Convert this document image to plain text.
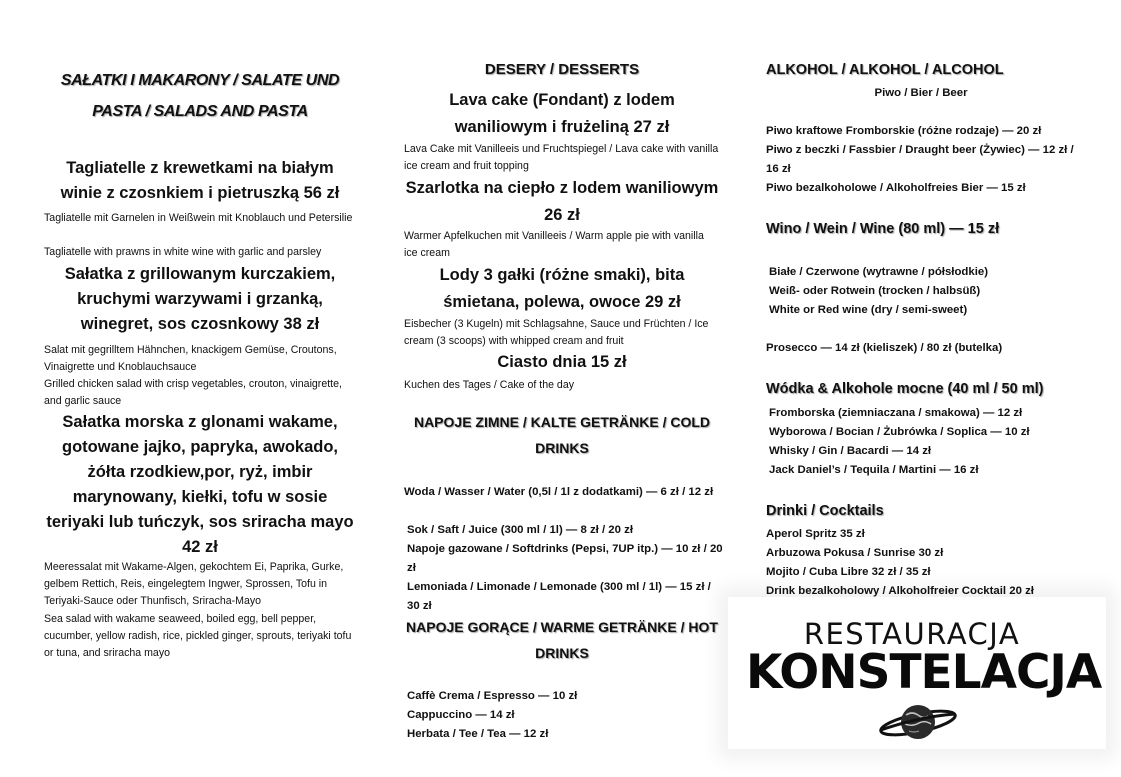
SAŁATKI I MAKARONY / SALATE UND PASTA / SALADS AND PASTA
Tagliatelle z krewetkami na białym winie z czosnkiem i pietruszką 56 zł
Tagliatelle mit Garnelen in Weißwein mit Knoblauch und Petersilie
Tagliatelle with prawns in white wine with garlic and parsley
Sałatka z grillowanym kurczakiem, kruchymi warzywami i grzanką, winegret, sos czosnkowy 38 zł
Salat mit gegrilltem Hähnchen, knackigem Gemüse, Croutons, Vinaigrette und Knoblauchsauce
Grilled chicken salad with crisp vegetables, crouton, vinaigrette, and garlic sauce
Sałatka morska z glonami wakame, gotowane jajko, papryka, awokado, żółta rzodkiew,por, ryż, imbir marynowany, kiełki, tofu w sosie teriyaki lub tuńczyk, sos sriracha mayo 42 zł
Meeressalat mit Wakame-Algen, gekochtem Ei, Paprika, Gurke, gelbem Rettich, Reis, eingelegtem Ingwer, Sprossen, Tofu in Teriyaki-Sauce oder Thunfisch, Sriracha-Mayo
Sea salad with wakame seaweed, boiled egg, bell pepper, cucumber, yellow radish, rice, pickled ginger, sprouts, teriyaki tofu or tuna, and sriracha mayo
DESERY / DESSERTS
Lava cake (Fondant) z lodem waniliowym i frużeliną 27 zł
Lava Cake mit Vanilleeis und Fruchtspiegel / Lava cake with vanilla ice cream and fruit topping
Szarlotka na ciepło z lodem waniliowym 26 zł
Warmer Apfelkuchen mit Vanilleeis / Warm apple pie with vanilla ice cream
Lody 3 gałki (różne smaki), bita śmietana, polewa, owoce 29 zł
Eisbecher (3 Kugeln) mit Schlagsahne, Sauce und Früchten / Ice cream (3 scoops) with whipped cream and fruit
Ciasto dnia 15 zł
Kuchen des Tages / Cake of the day
NAPOJE ZIMNE / KALTE GETRÄNKE / COLD DRINKS
Woda / Wasser / Water (0,5l / 1l z dodatkami) — 6 zł / 12 zł
Sok / Saft / Juice (300 ml / 1l) — 8 zł / 20 zł
Napoje gazowane / Softdrinks (Pepsi, 7UP itp.) — 10 zł / 20 zł
Lemoniada / Limonade / Lemonade (300 ml / 1l) — 15 zł / 30 zł
NAPOJE GORĄCE / WARME GETRÄNKE / HOT DRINKS
Caffè Crema / Espresso — 10 zł
Cappuccino — 14 zł
Herbata / Tee / Tea — 12 zł
ALKOHOL / ALKOHOL / ALCOHOL
Piwo / Bier / Beer
Piwo kraftowe Fromborskie (różne rodzaje) — 20 zł
Piwo z beczki / Fassbier / Draught beer (Żywiec) — 12 zł / 16 zł
Piwo bezalkoholowe / Alkoholfreies Bier — 15 zł
Wino / Wein / Wine (80 ml) — 15 zł
Białe / Czerwone (wytrawne / półsłodkie)
Weiß- oder Rotwein (trocken / halbsüß)
White or Red wine (dry / semi-sweet)
Prosecco — 14 zł (kieliszek) / 80 zł (butelka)
Wódka & Alkohole mocne (40 ml / 50 ml)
Fromborska (ziemniaczana / smakowa) — 12 zł
Wyborowa / Bocian / Żubrówka / Soplica — 10 zł
Whisky / Gin / Bacardi — 14 zł
Jack Daniel’s / Tequila / Martini — 16 zł
Drinki / Cocktails
Aperol Spritz 35 zł
Arbuzowa Pokusa / Sunrise 30 zł
Mojito / Cuba Libre 32 zł / 35 zł
Drink bezalkoholowy / Alkoholfreier Cocktail 20 zł
RESTAURACJA
KONSTELACJA
